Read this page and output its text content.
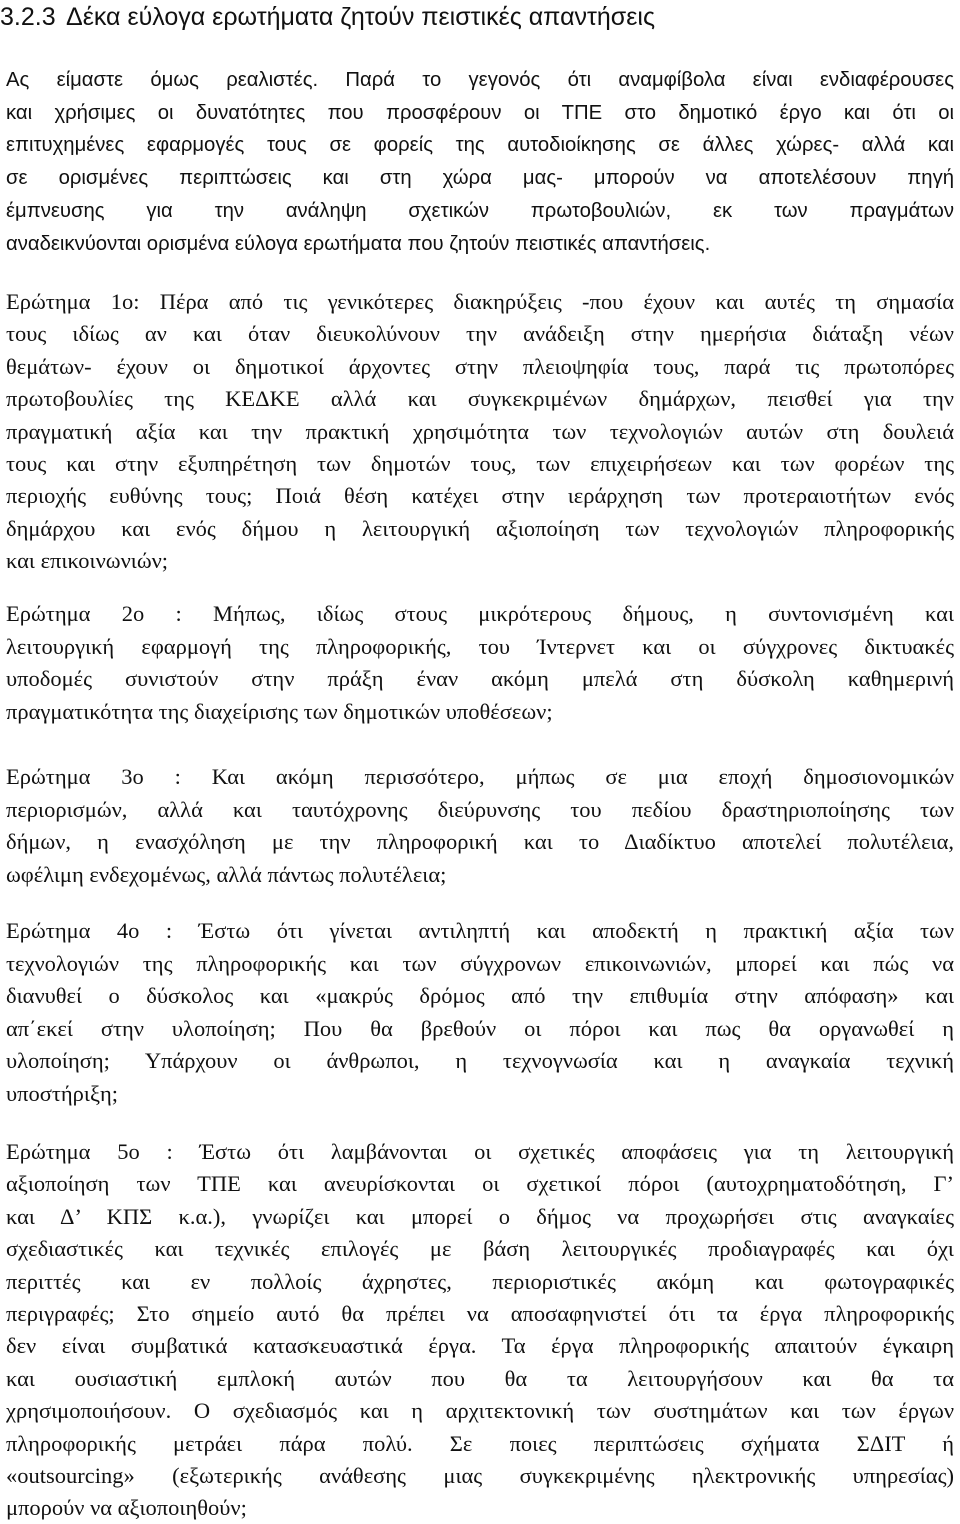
3.2.3 Δέκα εύλογα ερωτήματα ζητούν πειστικές απαντήσεις
Ας είμαστε όμως ρεαλιστές. Παρά το γεγονός ότι αναμφίβολα είναι ενδιαφέρουσες
και χρήσιμες οι δυνατότητες που προσφέρουν οι ΤΠΕ στο δημοτικό έργο και ότι οι
επιτυχημένες εφαρμογές τους σε φορείς της αυτοδιοίκησης σε άλλες χώρες- αλλά και
σε ορισμένες περιπτώσεις και στη χώρα μας- μπορούν να αποτελέσουν πηγή
έμπνευσης για την ανάληψη σχετικών πρωτοβουλιών, εκ των πραγμάτων
αναδεικνύονται ορισμένα εύλογα ερωτήματα που ζητούν πειστικές απαντήσεις.
Ερώτημα 1ο: Πέρα από τις γενικότερες διακηρύξεις -που έχουν και αυτές τη σημασία
τους ιδίως αν και όταν διευκολύνουν την ανάδειξη στην ημερήσια διάταξη νέων
θεμάτων- έχουν οι δημοτικοί άρχοντες στην πλειοψηφία τους, παρά τις πρωτοπόρες
πρωτοβουλίες της ΚΕΔΚΕ αλλά και συγκεκριμένων δημάρχων, πεισθεί για την
πραγματική αξία και την πρακτική χρησιμότητα των τεχνολογιών αυτών στη δουλειά
τους και στην εξυπηρέτηση των δημοτών τους, των επιχειρήσεων και των φορέων της
περιοχής ευθύνης τους; Ποιά θέση κατέχει στην ιεράρχηση των προτεραιοτήτων ενός
δημάρχου και ενός δήμου η λειτουργική αξιοποίηση των τεχνολογιών πληροφορικής
και επικοινωνιών;
Ερώτημα 2ο : Μήπως, ιδίως στους μικρότερους δήμους, η συντονισμένη και
λειτουργική εφαρμογή της πληροφορικής, του Ίντερνετ και οι σύγχρονες δικτυακές
υποδομές συνιστούν στην πράξη έναν ακόμη μπελά στη δύσκολη καθημερινή
πραγματικότητα της διαχείρισης των δημοτικών υποθέσεων;
Ερώτημα 3ο : Και ακόμη περισσότερο, μήπως σε μια εποχή δημοσιονομικών
περιορισμών, αλλά και ταυτόχρονης διεύρυνσης του πεδίου δραστηριοποίησης των
δήμων, η ενασχόληση με την πληροφορική και το Διαδίκτυο αποτελεί πολυτέλεια,
ωφέλιμη ενδεχομένως, αλλά πάντως πολυτέλεια;
Ερώτημα 4ο : Έστω ότι γίνεται αντιληπτή και αποδεκτή η πρακτική αξία των
τεχνολογιών της πληροφορικής και των σύγχρονων επικοινωνιών, μπορεί και πώς να
διανυθεί ο δύσκολος και «μακρύς δρόμος από την επιθυμία στην απόφαση» και
απ΄εκεί στην υλοποίηση; Που θα βρεθούν οι πόροι και πως θα οργανωθεί η
υλοποίηση; Υπάρχουν οι άνθρωποι, η τεχνογνωσία και η αναγκαία τεχνική
υποστήριξη;
Ερώτημα 5ο : Έστω ότι λαμβάνονται οι σχετικές αποφάσεις για τη λειτουργική
αξιοποίηση των ΤΠΕ και ανευρίσκονται οι σχετικοί πόροι (αυτοχρηματοδότηση, Γ’
και Δ’ ΚΠΣ κ.α.), γνωρίζει και μπορεί ο δήμος να προχωρήσει στις αναγκαίες
σχεδιαστικές και τεχνικές επιλογές με βάση λειτουργικές προδιαγραφές και όχι
περιττές και εν πολλοίς άχρηστες, περιοριστικές ακόμη και φωτογραφικές
περιγραφές; Στο σημείο αυτό θα πρέπει να αποσαφηνιστεί ότι τα έργα πληροφορικής
δεν είναι συμβατικά κατασκευαστικά έργα. Τα έργα πληροφορικής απαιτούν έγκαιρη
και ουσιαστική εμπλοκή αυτών που θα τα λειτουργήσουν και θα τα
χρησιμοποιήσουν. Ο σχεδιασμός και η αρχιτεκτονική των συστημάτων και των έργων
πληροφορικής μετράει πάρα πολύ. Σε ποιες περιπτώσεις σχήματα ΣΔΙΤ ή
«outsourcing» (εξωτερικής ανάθεσης μιας συγκεκριμένης ηλεκτρονικής υπηρεσίας)
μπορούν να αξιοποιηθούν;
